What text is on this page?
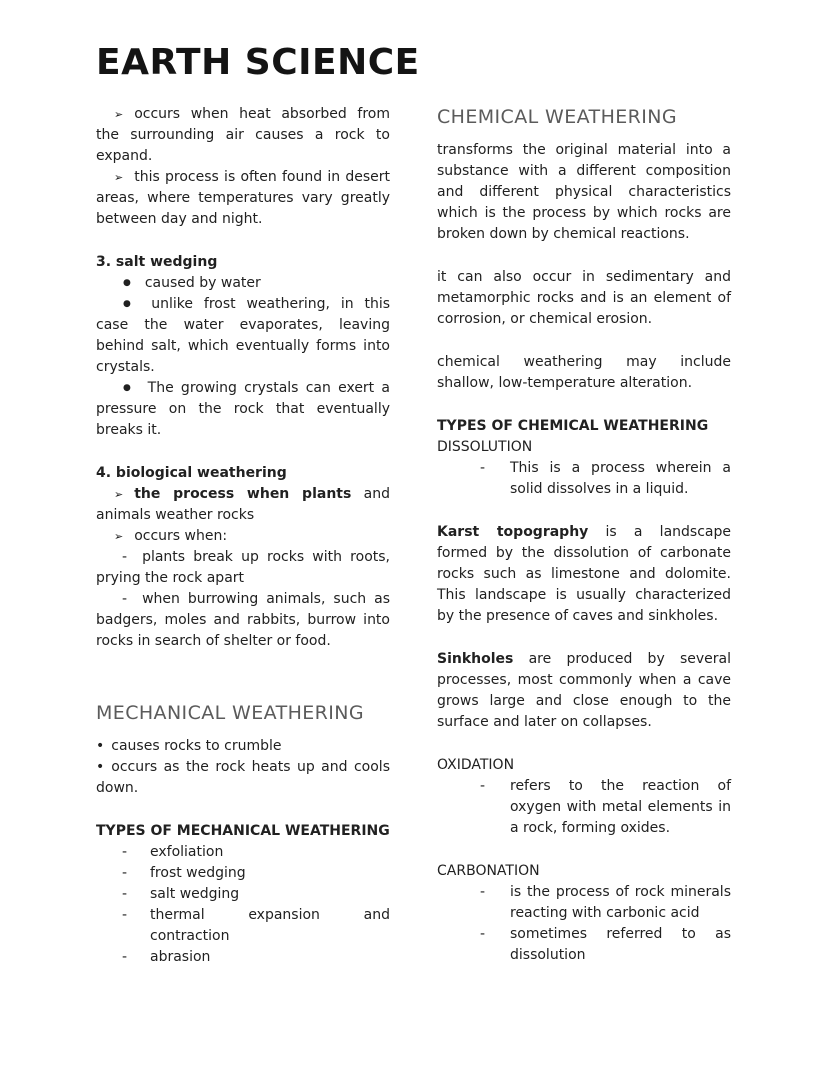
EARTH SCIENCE

➢ occurs when heat absorbed from the surrounding air causes a rock to expand.

➢ this process is often found in desert areas, where temperatures vary greatly between day and night.

3. salt wedging

● caused by water

● unlike frost weathering, in this case the water evaporates, leaving behind salt, which eventually forms into crystals.

● The growing crystals can exert a pressure on the rock that eventually breaks it.

4. biological weathering

➢ the process when plants and animals weather rocks

➢ occurs when:

- plants break up rocks with roots, prying the rock apart

- when burrowing animals, such as badgers, moles and rabbits, burrow into rocks in search of shelter or food.

MECHANICAL WEATHERING

• causes rocks to crumble

• occurs as the rock heats up and cools down.

TYPES OF MECHANICAL WEATHERING

-	exfoliation
-	frost wedging
-	salt wedging
-	thermal expansion and contraction
-	abrasion
CHEMICAL WEATHERING

transforms the original material into a substance with a different composition and different physical characteristics which is the process by which rocks are broken down by chemical reactions.

it can also occur in sedimentary and metamorphic rocks and is an element of corrosion, or chemical erosion.

chemical weathering may include shallow, low-temperature alteration.

TYPES OF CHEMICAL WEATHERING

DISSOLUTION

-	This is a process wherein a solid dissolves in a liquid.

Karst topography is a landscape formed by the dissolution of carbonate rocks such as limestone and dolomite. This landscape is usually characterized by the presence of caves and sinkholes.

Sinkholes are produced by several processes, most commonly when a cave grows large and close enough to the surface and later on collapses.

OXIDATION

-	refers to the reaction of oxygen with metal elements in a rock, forming oxides.

CARBONATION

-	is the process of rock minerals reacting with carbonic acid
-	sometimes referred to as dissolution
